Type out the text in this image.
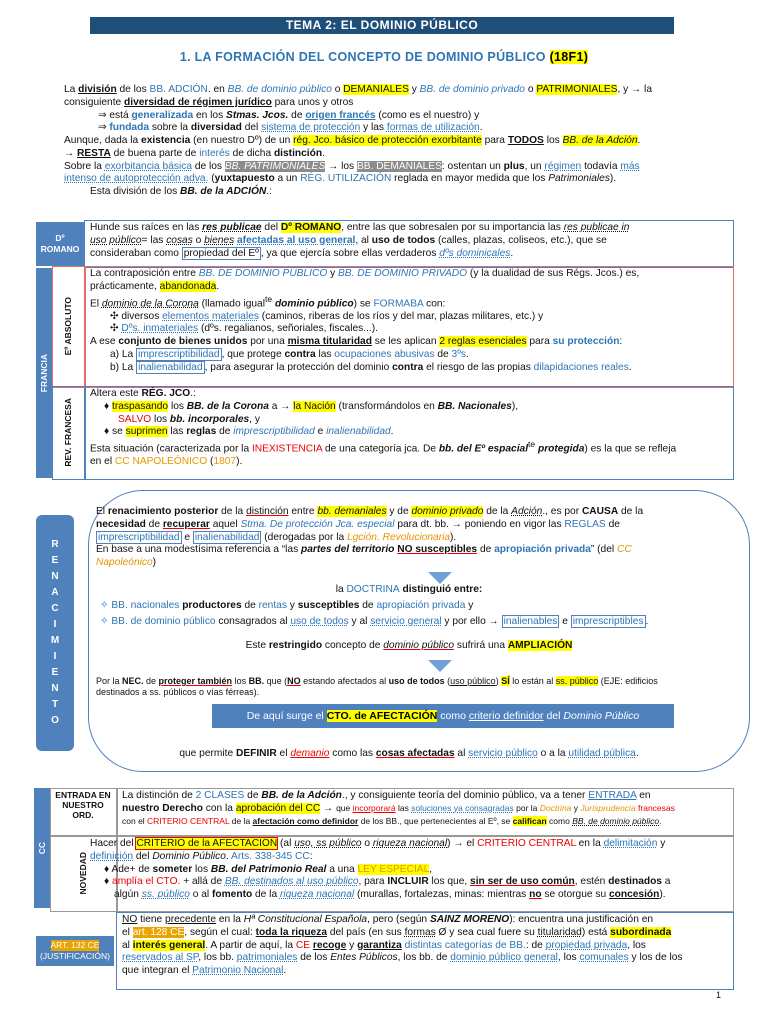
TEMA 2: EL DOMINIO PÚBLICO
1. LA FORMACIÓN DEL CONCEPTO DE DOMINIO PÚBLICO (18F1)

La división de los BB. ADCIÓN. en BB. de dominio público o DEMANIALES y BB. de dominio privado o PATRIMONIALES, y → la

consiguiente diversidad de régimen jurídico para unos y otros

⇒ está generalizada en los Stmas. Jcos. de origen francés (como es el nuestro) y

⇒ fundada sobre la diversidad del sistema de protección y las formas de utilización.

Aunque, dada la existencia (en nuestro Dº) de un rég. Jco. básico de protección exorbitante para TODOS los BB. de la Adción.

→ RESTA de buena parte de interés de dicha distinción.

Sobre la exorbitancia básica de los BB. PATRIMONIALES → los BB. DEMANIALES: ostentan un plus, un régimen todavía más

intenso de autoprotección adva. (yuxtapuesto a un RÉG. UTILIZACIÓN reglada en mayor medida que los Patrimoniales).

Esta división de los BB. de la ADCIÓN.:

Dº ROMANO

Hunde sus raíces en las res publicae del Dº ROMANO, entre las que sobresalen por su importancia las res publicae in

uso público= las cosas o bienes afectadas al uso general, al uso de todos (calles, plazas, coliseos, etc.), que se

consideraban como propiedad del Eº , ya que ejercía sobre ellas verdaderos dºs dominicales.

FRANCIA
Eº ABSOLUTO

La contraposición entre BB. DE DOMINIO PÚBLICO y BB. DE DOMINIO PRIVADO (y la dualidad de sus Régs. Jcos.) es,

prácticamente, abandonada.

El dominio de la Corona (llamado igual$^{te}$ dominio público) se FORMABA con:

✣ diversos elementos materiales (caminos, riberas de los ríos y del mar, plazas militares, etc.) y

✣ Dºs. inmateriales (dºs. regalianos, señoriales, fiscales...).

A ese conjunto de bienes unidos por una misma titularidad se les aplican 2 reglas esenciales para su protección:

a) La imprescriptibilidad , que protege contra las ocupaciones abusivas de 3ºs.

b) La inalienabilidad , para asegurar la protección del dominio contra el riesgo de las propias dilapidaciones reales.

REV. FRANCESA

Altera este RÉG. JCO.:

♦ traspasando los BB. de la Corona a → la Nación (transformándolos en BB. Nacionales),

SALVO los bb. incorporales, y

♦ se suprimen las reglas de imprescriptibilidad e inalienabilidad.

Esta situación (caracterizada por la INEXISTENCIA de una categoría jca. De bb. del Eº espacial$^{te}$ protegida) es la que se refleja

en el CC NAPOLEÓNICO (1807).

R
E
N
A
C
I
M
I
E
N
T
O

El renacimiento posterior de la distinción entre bb. demaniales y de dominio privado de la Adción., es por CAUSA de la

necesidad de recuperar aquel Stma. De protección Jca. especial para dt. bb. → poniendo en vigor las REGLAS de

imprescriptibilidad e inalienabilidad (derogadas por la Lgción. Revolucionaria).

En base a una modestísima referencia a “las partes del territorio NO susceptibles de apropiación privada” (del CC

Napoleónico)

la DOCTRINA distinguió entre:

✧ BB. nacionales productores de rentas y susceptibles de apropiación privada y

✧ BB. de dominio público consagrados al uso de todos y al servicio general y por ello → inalienables e imprescriptibles .

Este restringido concepto de dominio público sufrirá una AMPLIACIÓN

Por la NEC. de proteger también los BB. que (NO estando afectados al uso de todos (uso público) SÍ lo están al ss. público (EJE: edificios

destinados a ss. públicos o vías férreas).

De aquí surge el CTO. de AFECTACIÓN como criterio definidor del Dominio Público
que permite DEFINIR el demanio como las cosas afectadas al servicio público o a la utilidad pública.
CC
ENTRADA EN NUESTRO ORD.

La distinción de 2 CLASES de BB. de la Adción., y consiguiente teoría del dominio público, va a tener ENTRADA en

nuestro Derecho con la aprobación del CC → que incorporará las soluciones ya consagradas por la Doctrina y Jurisprudencia francesas

con el CRITERIO CENTRAL de la afectación como definidor de los BB., que pertenecientes al Eº, se califican como BB. de dominio público.

NOVEDAD

Hacer del CRITERIO de la AFECTACIÓN (al uso, ss público o riqueza nacional) → el CRITERIO CENTRAL en la delimitación y

definición del Dominio Público. Arts. 338-345 CC:

♦ Ade+ de someter los BB. del Patrimonio Real a una LEY ESPECIAL,

♦ amplía el CTO. + allá de BB. destinados al uso público, para INCLUIR los que, sin ser de uso común, estén destinados a

algún ss. público o al fomento de la riqueza nacional (murallas, fortalezas, minas: mientras no se otorgue su concesión).

ART. 132 CE
(JUSTIFICACIÓN)

NO tiene precedente en la Hª Constitucional Española, pero (según SAINZ MORENO): encuentra una justificación en

el art. 128 CE, según el cual: toda la riqueza del país (en sus formas Ø y sea cual fuere su titularidad) está subordinada

al interés general. A partir de aquí, la CE recoge y garantiza distintas categorías de BB.: de propiedad privada, los

reservados al SP, los bb. patrimoniales de los Entes Públicos, los bb. de dominio público general, los comunales y los de los

que integran el Patrimonio Nacional.

1
